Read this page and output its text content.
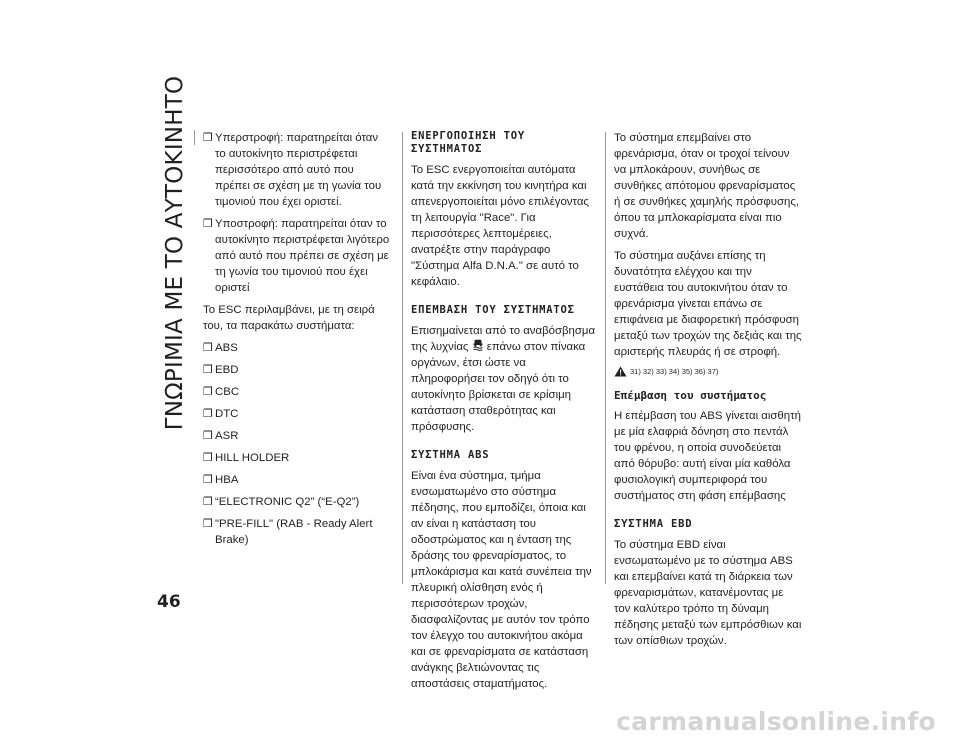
ΓΝΩΡΙΜΙΑ ΜΕ ΤΟ ΑΥΤΟΚΙΝΗΤΟ
46
❒ Υπερστροφή: παρατηρείται όταν το αυτοκίνητο περιστρέφεται περισσότερο από αυτό που πρέπει σε σχέση με τη γωνία του τιμονιού που έχει οριστεί.
❒ Υποστροφή: παρατηρείται όταν το αυτοκίνητο περιστρέφεται λιγότερο από αυτό που πρέπει σε σχέση με τη γωνία του τιμονιού που έχει οριστεί

Το ESC περιλαμβάνει, με τη σειρά του, τα παρακάτω συστήματα:

❒ ABS
❒ EBD
❒ CBC
❒ DTC
❒ ASR
❒ HILL HOLDER
❒ HBA
❒ “ELECTRONIC Q2” (“E-Q2”)
❒ "PRE-FILL" (RAB - Ready Alert Brake)
ΕΝΕΡΓΟΠΟΙΗΣΗ ΤΟΥ ΣΥΣΤΗΜΑΤΟΣ

Το ESC ενεργοποιείται αυτόματα κατά την εκκίνηση του κινητήρα και απενεργοποιείται μόνο επιλέγοντας τη λειτουργία "Race". Για περισσότερες λεπτομέρειες, ανατρέξτε στην παράγραφο "Σύστημα Alfa D.N.A." σε αυτό το κεφάλαιο.

ΕΠΕΜΒΑΣΗ ΤΟΥ ΣΥΣΤΗΜΑΤΟΣ

Επισημαίνεται από το αναβόσβησμα της λυχνίας επάνω στον πίνακα οργάνων, έτσι ώστε να πληροφορήσει τον οδηγό ότι το αυτοκίνητο βρίσκεται σε κρίσιμη κατάσταση σταθερότητας και πρόσφυσης.

ΣΥΣΤΗΜΑ ABS

Είναι ένα σύστημα, τμήμα ενσωματωμένο στο σύστημα πέδησης, που εμποδίζει, όποια και αν είναι η κατάσταση του οδοστρώματος και η ένταση της δράσης του φρεναρίσματος, το μπλοκάρισμα και κατά συνέπεια την πλευρική ολίσθηση ενός ή περισσότερων τροχών, διασφαλίζοντας με αυτόν τον τρόπο τον έλεγχο του αυτοκινήτου ακόμα και σε φρεναρίσματα σε κατάσταση ανάγκης βελτιώνοντας τις αποστάσεις σταματήματος.

Το σύστημα επεμβαίνει στο φρενάρισμα, όταν οι τροχοί τείνουν να μπλοκάρουν, συνήθως σε συνθήκες απότομου φρεναρίσματος ή σε συνθήκες χαμηλής πρόσφυσης, όπου τα μπλοκαρίσματα είναι πιο συχνά.

Το σύστημα αυξάνει επίσης τη δυνατότητα ελέγχου και την ευστάθεια του αυτοκινήτου όταν το φρενάρισμα γίνεται επάνω σε επιφάνεια με διαφορετική πρόσφυση μεταξύ των τροχών της δεξιάς και της αριστερής πλευράς ή σε στροφή.

31) 32) 33) 34) 35) 36) 37)
Επέμβαση του συστήματος

Η επέμβαση του ABS γίνεται αισθητή με μία ελαφριά δόνηση στο πεντάλ του φρένου, η οποία συνοδεύεται από θόρυβο: αυτή είναι μία καθόλα φυσιολογική συμπεριφορά του συστήματος στη φάση επέμβασης

ΣΥΣΤΗΜΑ EBD

Το σύστημα EBD είναι ενσωματωμένο με το σύστημα ABS και επεμβαίνει κατά τη διάρκεια των φρεναρισμάτων, κατανέμοντας με τον καλύτερο τρόπο τη δύναμη πέδησης μεταξύ των εμπρόσθιων και των οπίσθιων τροχών.

carmanualsonline.info
